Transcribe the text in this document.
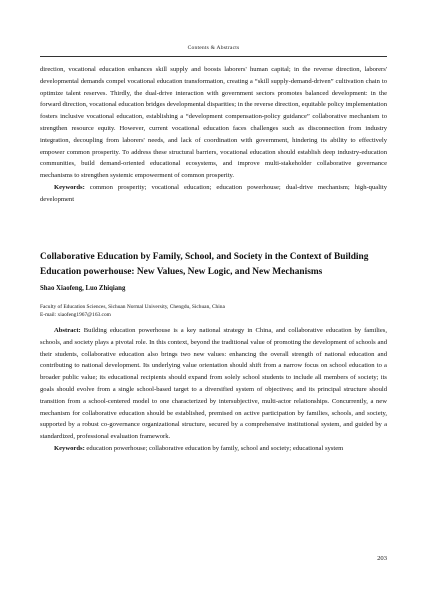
Contents & Abstracts

direction, vocational education enhances skill supply and boosts laborers' human capital; in the reverse direction, laborers' developmental demands compel vocational education transformation, creating a “skill supply-demand-driven” cultivation chain to optimize talent reserves. Thirdly, the dual-drive interaction with government sectors promotes balanced development: in the forward direction, vocational education bridges developmental disparities; in the reverse direction, equitable policy implementation fosters inclusive vocational education, establishing a “development compensation-policy guidance” collaborative mechanism to strengthen resource equity. However, current vocational education faces challenges such as disconnection from industry integration, decoupling from laborers' needs, and lack of coordination with government, hindering its ability to effectively empower common prosperity. To address these structural barriers, vocational education should establish deep industry-education communities, build demand-oriented educational ecosystems, and improve multi-stakeholder collaborative governance mechanisms to strengthen systemic empowerment of common prosperity.

Keywords: common prosperity; vocational education; education powerhouse; dual-drive mechanism; high-quality development

Collaborative Education by Family, School, and Society in the Context of Building Education powerhouse: New Values, New Logic, and New Mechanisms
Shao Xiaofeng, Luo Zhiqiang
Faculty of Education Sciences, Sichuan Normal University, Chengdu, Sichuan, China
E-mail: xiaofeng1967@163.com

Abstract: Building education powerhouse is a key national strategy in China, and collaborative education by families, schools, and society plays a pivotal role. In this context, beyond the traditional value of promoting the development of schools and their students, collaborative education also brings two new values: enhancing the overall strength of national education and contributing to national development. Its underlying value orientation should shift from a narrow focus on school education to a broader public value; its educational recipients should expand from solely school students to include all members of society; its goals should evolve from a single school-based target to a diversified system of objectives; and its principal structure should transition from a school-centered model to one characterized by intersubjective, multi-actor relationships. Concurrently, a new mechanism for collaborative education should be established, premised on active participation by families, schools, and society, supported by a robust co-governance organizational structure, secured by a comprehensive institutional system, and guided by a standardized, professional evaluation framework.

Keywords: education powerhouse; collaborative education by family, school and society; educational system

203
